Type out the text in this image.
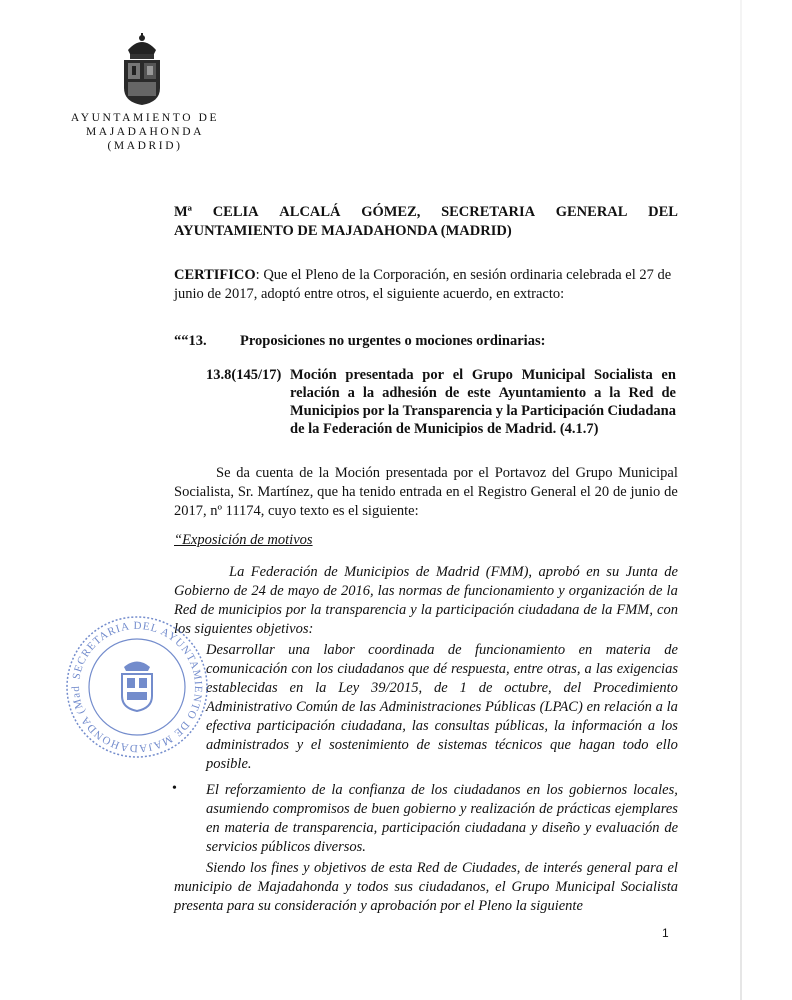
AYUNTAMIENTO DE
MAJADAHONDA
(MADRID)
Mª CELIA ALCALÁ GÓMEZ, SECRETARIA GENERAL DEL
AYUNTAMIENTO DE MAJADAHONDA (MADRID)
CERTIFICO: Que el Pleno de la Corporación, en sesión ordinaria celebrada el 27 de
junio de 2017, adoptó entre otros, el siguiente acuerdo, en extracto:
““13. Proposiciones no urgentes o mociones ordinarias:
13.8(145/17) Moción presentada por el Grupo Municipal Socialista en
relación a la adhesión de este Ayuntamiento a la Red de
Municipios por la Transparencia y la Participación Ciudadana
de la Federación de Municipios de Madrid. (4.1.7)
Se da cuenta de la Moción presentada por el Portavoz del Grupo Municipal
Socialista, Sr. Martínez, que ha tenido entrada en el Registro General el 20 de junio de
2017, nº 11174, cuyo texto es el siguiente:
“Exposición de motivos
La Federación de Municipios de Madrid (FMM), aprobó en su Junta de
Gobierno de 24 de mayo de 2016, las normas de funcionamiento y organización de la
Red de municipios por la transparencia y la participación ciudadana de la FMM, con
los siguientes objetivos:
Desarrollar una labor coordinada de funcionamiento en materia de
comunicación con los ciudadanos que dé respuesta, entre otras, a las exigencias
establecidas en la Ley 39/2015, de 1 de octubre, del Procedimiento
Administrativo Común de las Administraciones Públicas (LPAC) en relación a la
efectiva participación ciudadana, las consultas públicas, la información a los
administrados y el sostenimiento de sistemas técnicos que hagan todo ello
posible.
• El reforzamiento de la confianza de los ciudadanos en los gobiernos locales,
asumiendo compromisos de buen gobierno y realización de prácticas ejemplares
en materia de transparencia, participación ciudadana y diseño y evaluación de
servicios públicos diversos.
Siendo los fines y objetivos de esta Red de Ciudades, de interés general para el
municipio de Majadahonda y todos sus ciudadanos, el Grupo Municipal Socialista
presenta para su consideración y aprobación por el Pleno la siguiente
1
SECRETARIA DEL AYUNTAMIENTO DE MAJADAHONDA (Mad
